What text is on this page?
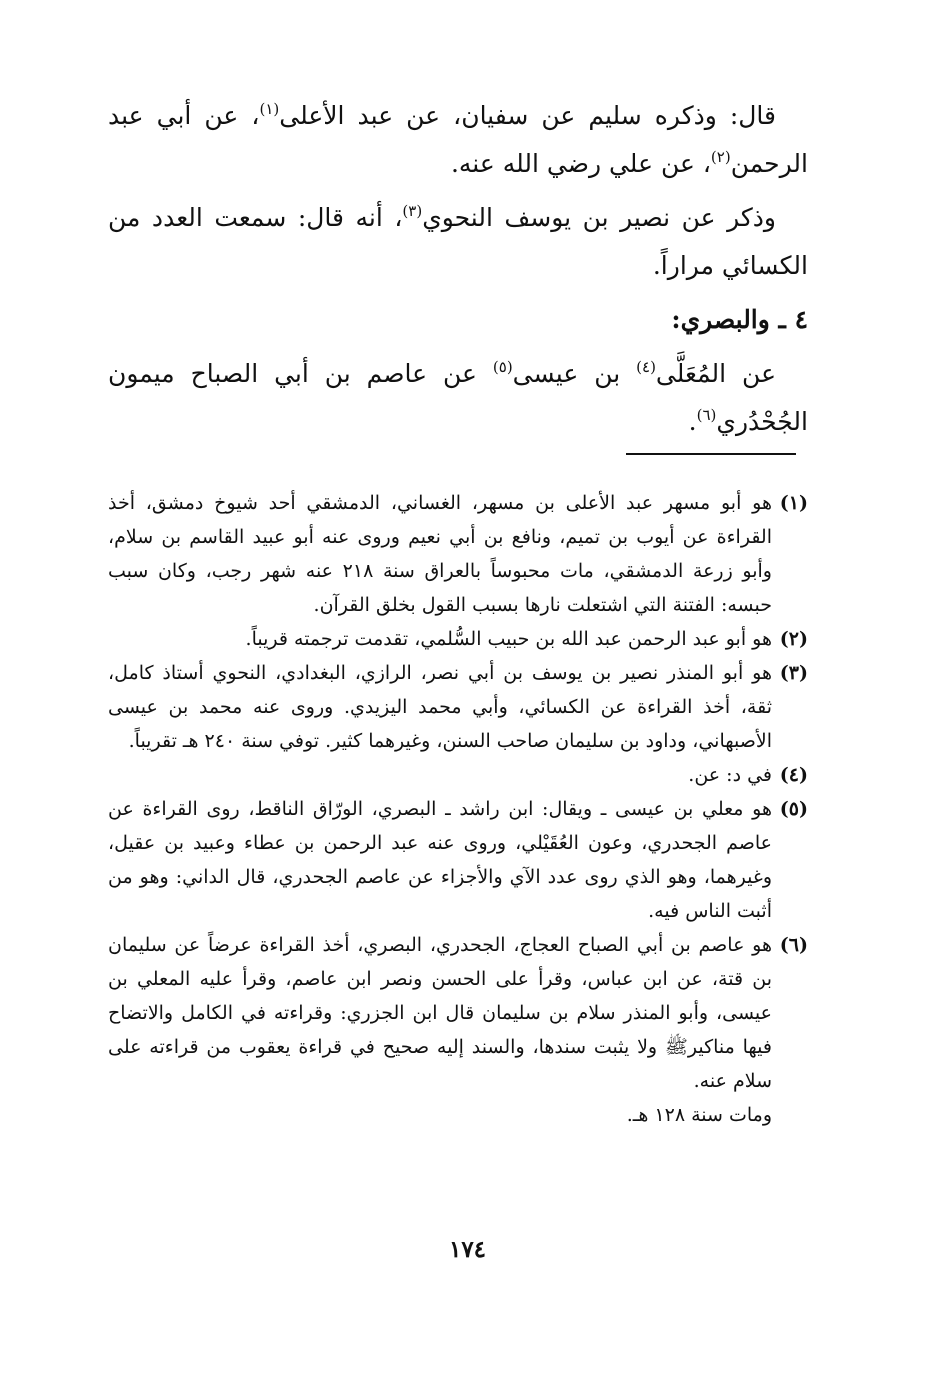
قال: وذكره سليم عن سفيان، عن عبد الأعلى$^{(١)}$، عن أبي عبد الرحمن$^{(٢)}$، عن علي رضي الله عنه.

وذكر عن نصير بن يوسف النحوي$^{(٣)}$، أنه قال: سمعت العدد من الكسائي مراراً.

٤ ـ والبصري:

عن المُعَلَّى$^{(٤)}$ بن عيسى$^{(٥)}$ عن عاصم بن أبي الصباح ميمون الجُحْدُري$^{(٦)}$.

(١)
هو أبو مسهر عبد الأعلى بن مسهر، الغساني، الدمشقي أحد شيوخ دمشق، أخذ القراءة عن أيوب بن تميم، ونافع بن أبي نعيم وروى عنه أبو عبيد القاسم بن سلام، وأبو زرعة الدمشقي، مات محبوساً بالعراق سنة ٢١٨ عنه شهر رجب، وكان سبب حبسه: الفتنة التي اشتعلت نارها بسبب القول بخلق القرآن.
(٢)
هو أبو عبد الرحمن عبد الله بن حبيب السُّلمي، تقدمت ترجمته قريباً.
(٣)
هو أبو المنذر نصير بن يوسف بن أبي نصر، الرازي، البغدادي، النحوي أستاذ كامل، ثقة، أخذ القراءة عن الكسائي، وأبي محمد اليزيدي. وروى عنه محمد بن عيسى الأصبهاني، وداود بن سليمان صاحب السنن، وغيرهما كثير. توفي سنة ٢٤٠ هـ تقريباً.
(٤)
في د: عن.
(٥)
هو معلي بن عيسى ـ ويقال: ابن راشد ـ البصري، الورّاق الناقط، روى القراءة عن عاصم الجحدري، وعون العُقَيْلي، وروى عنه عبد الرحمن بن عطاء وعبيد بن عقيل، وغيرهما، وهو الذي روى عدد الآي والأجزاء عن عاصم الجحدري، قال الداني: وهو من أثبت الناس فيه.
(٦)
هو عاصم بن أبي الصباح العجاج، الجحدري، البصري، أخذ القراءة عرضاً عن سليمان بن قتة، عن ابن عباس، وقرأ على الحسن ونصر ابن عاصم، وقرأ عليه المعلي بن عيسى، وأبو المنذر سلام بن سليمان قال ابن الجزري: وقراءته في الكامل والاتضاح فيها مناكيرﷺ ولا يثبت سندها، والسند إليه صحيح في قراءة يعقوب من قراءته على سلام عنه.
ومات سنة ١٢٨ هـ.
١٧٤
